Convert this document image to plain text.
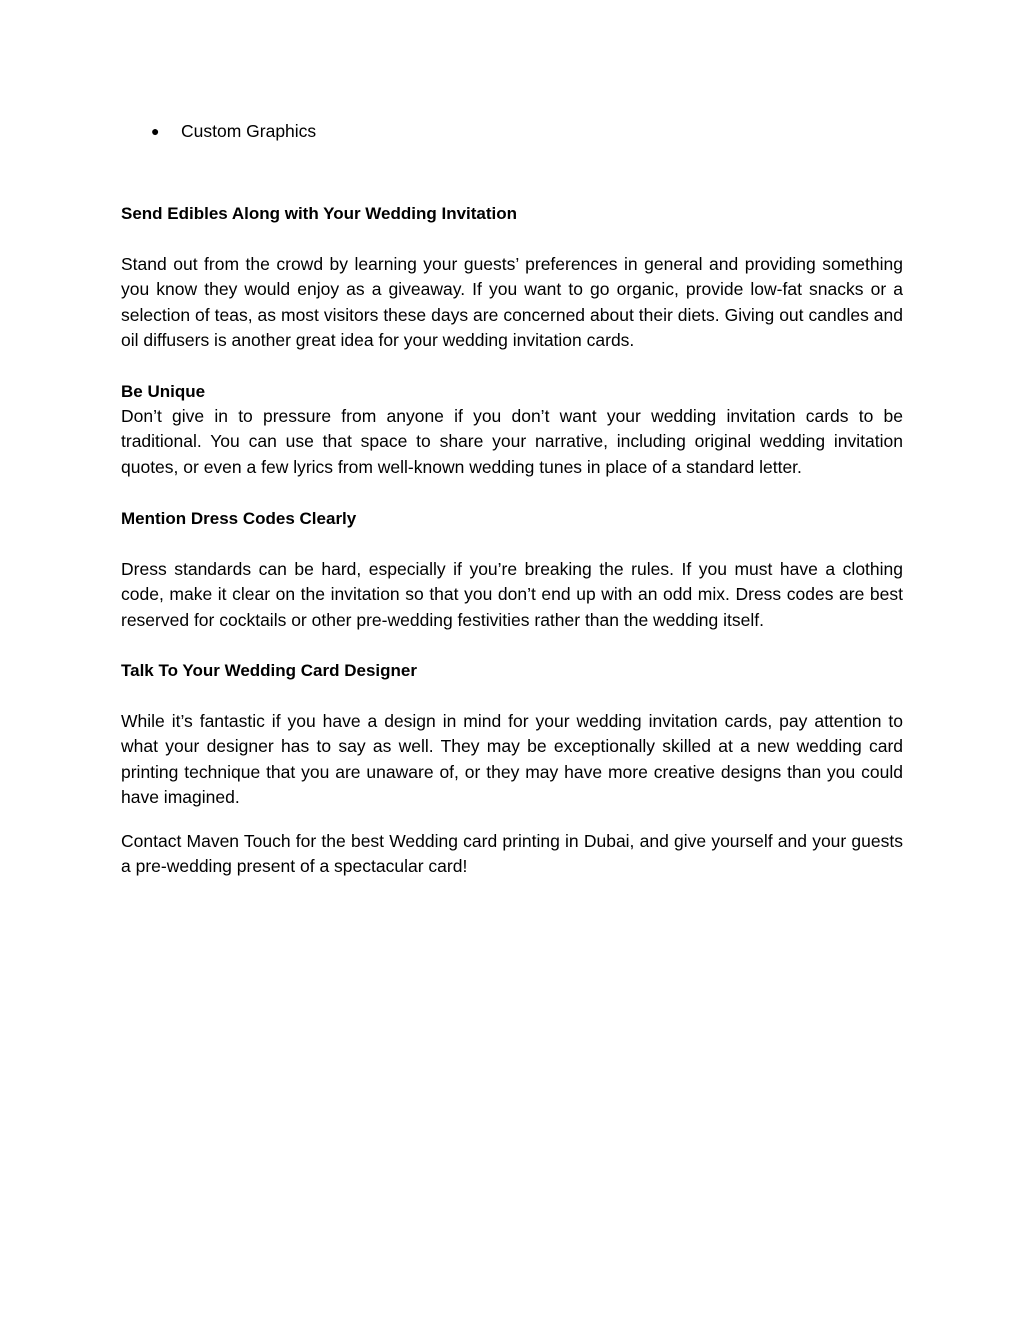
●	Custom Graphics
Send Edibles Along with Your Wedding Invitation

Stand out from the crowd by learning your guests’ preferences in general and providing something you know they would enjoy as a giveaway. If you want to go organic, provide low-fat snacks or a selection of teas, as most visitors these days are concerned about their diets. Giving out candles and oil diffusers is another great idea for your wedding invitation cards.

Be Unique

Don’t give in to pressure from anyone if you don’t want your wedding invitation cards to be traditional. You can use that space to share your narrative, including original wedding invitation quotes, or even a few lyrics from well-known wedding tunes in place of a standard letter.

Mention Dress Codes Clearly

Dress standards can be hard, especially if you’re breaking the rules. If you must have a clothing code, make it clear on the invitation so that you don’t end up with an odd mix. Dress codes are best reserved for cocktails or other pre-wedding festivities rather than the wedding itself.

Talk To Your Wedding Card Designer

While it’s fantastic if you have a design in mind for your wedding invitation cards, pay attention to what your designer has to say as well. They may be exceptionally skilled at a new wedding card printing technique that you are unaware of, or they may have more creative designs than you could have imagined.

Contact Maven Touch for the best Wedding card printing in Dubai, and give yourself and your guests a pre-wedding present of a spectacular card!
